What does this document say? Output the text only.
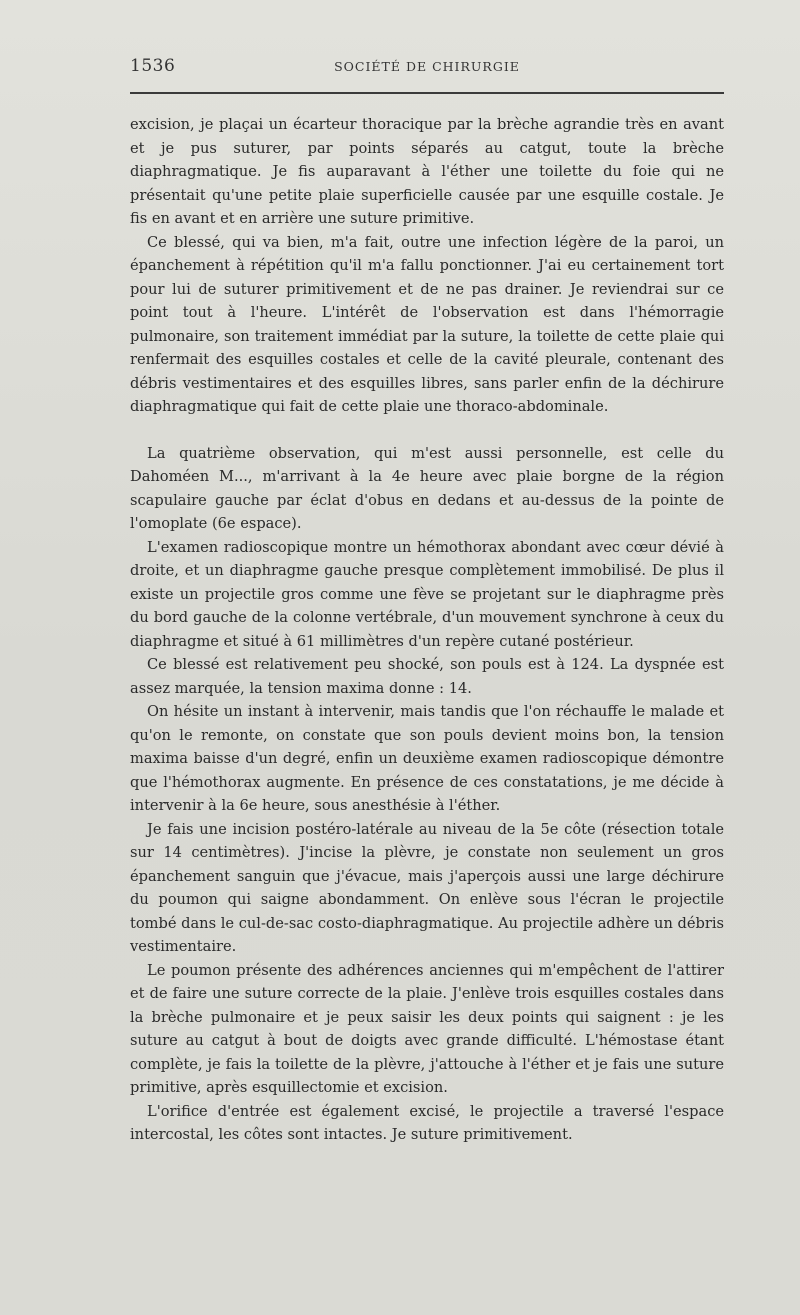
1536	SOCIÉTÉ DE CHIRURGIE

excision, je plaçai un écarteur thoracique par la brèche agrandie très en avant et je pus suturer, par points séparés au catgut, toute la brèche diaphragmatique. Je fis auparavant à l'éther une toilette du foie qui ne présentait qu'une petite plaie superficielle causée par une esquille costale. Je fis en avant et en arrière une suture primitive.

Ce blessé, qui va bien, m'a fait, outre une infection légère de la paroi, un épanchement à répétition qu'il m'a fallu ponctionner. J'ai eu certainement tort pour lui de suturer primitivement et de ne pas drainer. Je reviendrai sur ce point tout à l'heure. L'intérêt de l'observation est dans l'hémorragie pulmonaire, son traitement immédiat par la suture, la toilette de cette plaie qui renfermait des esquilles costales et celle de la cavité pleurale, contenant des débris vestimentaires et des esquilles libres, sans parler enfin de la déchirure diaphragmatique qui fait de cette plaie une thoraco-abdominale.

La quatrième observation, qui m'est aussi personnelle, est celle du Dahoméen M..., m'arrivant à la 4e heure avec plaie borgne de la région scapulaire gauche par éclat d'obus en dedans et au-dessus de la pointe de l'omoplate (6e espace).

L'examen radioscopique montre un hémothorax abondant avec cœur dévié à droite, et un diaphragme gauche presque complètement immobilisé. De plus il existe un projectile gros comme une fève se projetant sur le diaphragme près du bord gauche de la colonne vertébrale, d'un mouvement synchrone à ceux du diaphragme et situé à 61 millimètres d'un repère cutané postérieur.

Ce blessé est relativement peu shocké, son pouls est à 124. La dyspnée est assez marquée, la tension maxima donne : 14.

On hésite un instant à intervenir, mais tandis que l'on réchauffe le malade et qu'on le remonte, on constate que son pouls devient moins bon, la tension maxima baisse d'un degré, enfin un deuxième examen radioscopique démontre que l'hémothorax augmente. En présence de ces constatations, je me décide à intervenir à la 6e heure, sous anesthésie à l'éther.

Je fais une incision postéro-latérale au niveau de la 5e côte (résection totale sur 14 centimètres). J'incise la plèvre, je constate non seulement un gros épanchement sanguin que j'évacue, mais j'aperçois aussi une large déchirure du poumon qui saigne abondamment. On enlève sous l'écran le projectile tombé dans le cul-de-sac costo-diaphragmatique. Au projectile adhère un débris vestimentaire.

Le poumon présente des adhérences anciennes qui m'empêchent de l'attirer et de faire une suture correcte de la plaie. J'enlève trois esquilles costales dans la brèche pulmonaire et je peux saisir les deux points qui saignent : je les suture au catgut à bout de doigts avec grande difficulté. L'hémostase étant complète, je fais la toilette de la plèvre, j'attouche à l'éther et je fais une suture primitive, après esquillectomie et excision.

L'orifice d'entrée est également excisé, le projectile a traversé l'espace intercostal, les côtes sont intactes. Je suture primitivement.
